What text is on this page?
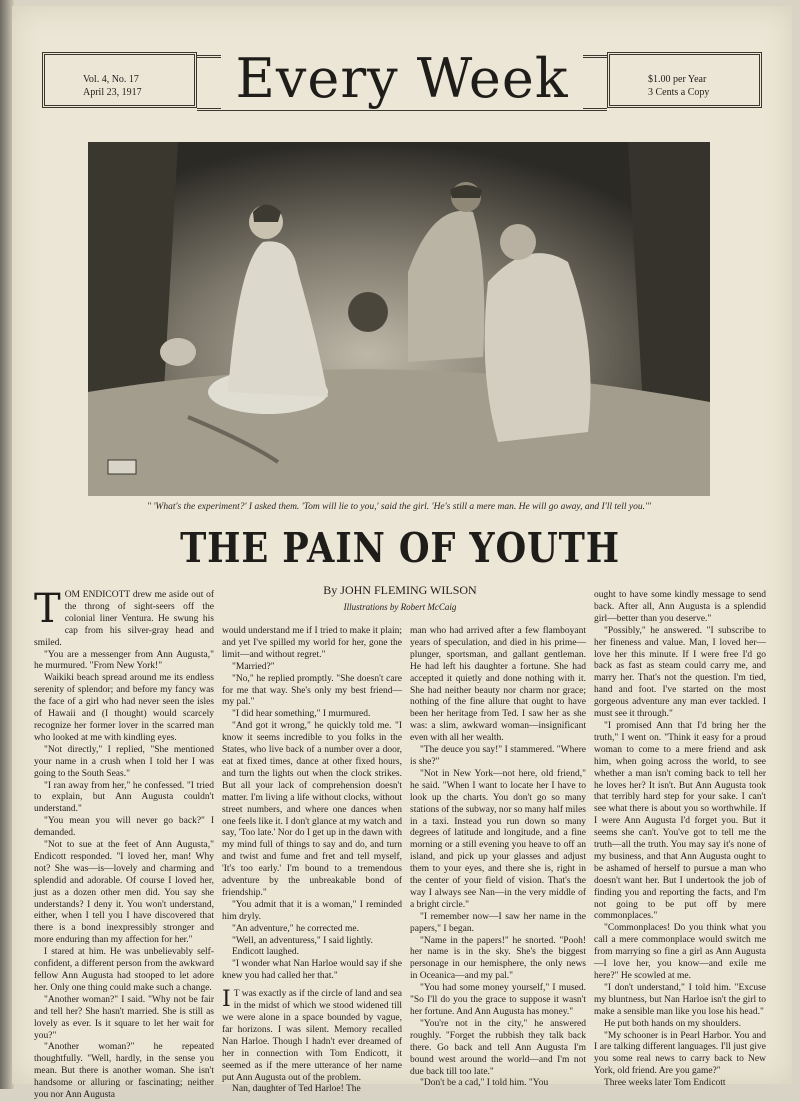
Vol. 4, No. 17
April 23, 1917	Every Week	$1.00 per Year
3 Cents a Copy
" 'What's the experiment?' I asked them. 'Tom will lie to you,' said the girl. 'He's still a mere man. He will go away, and I'll tell you.'"
THE PAIN OF YOUTH
By JOHN FLEMING WILSON
Illustrations by Robert McCaig

TOM ENDICOTT drew me aside out of the throng of sight-seers off the colonial liner Ventura. He swung his cap from his silver-gray head and smiled.

"You are a messenger from Ann Augusta," he murmured. "From New York!"

Waikiki beach spread around me its endless serenity of splendor; and before my fancy was the face of a girl who had never seen the isles of Hawaii and (I thought) would scarcely recognize her former lover in the scarred man who looked at me with kindling eyes.

"Not directly," I replied, "She mentioned your name in a crush when I told her I was going to the South Seas."

"I ran away from her," he confessed. "I tried to explain, but Ann Augusta couldn't understand."

"You mean you will never go back?" I demanded.

"Not to sue at the feet of Ann Augusta," Endicott responded. "I loved her, man! Why not? She was—is—lovely and charming and splendid and adorable. Of course I loved her, just as a dozen other men did. You say she understands? I deny it. You won't understand, either, when I tell you I have discovered that there is a bond inexpressibly stronger and more enduring than my affection for her."

I stared at him. He was unbelievably self-confident, a different person from the awkward fellow Ann Augusta had stooped to let adore her. Only one thing could make such a change.

"Another woman?" I said. "Why not be fair and tell her? She hasn't married. She is still as lovely as ever. Is it square to let her wait for you?"

"Another woman?" he repeated thoughtfully. "Well, hardly, in the sense you mean. But there is another woman. She isn't handsome or alluring or fascinating; neither you nor Ann Augusta

would understand me if I tried to make it plain; and yet I've spilled my world for her, gone the limit—and without regret."

"Married?"

"No," he replied promptly. "She doesn't care for me that way. She's only my best friend—my pal."

"I did hear something," I murmured.

"And got it wrong," he quickly told me. "I know it seems incredible to you folks in the States, who live back of a number over a door, eat at fixed times, dance at other fixed hours, and turn the lights out when the clock strikes. But all your lack of comprehension doesn't matter. I'm living a life without clocks, without street numbers, and where one dances when one feels like it. I don't glance at my watch and say, 'Too late.' Nor do I get up in the dawn with my mind full of things to say and do, and turn and twist and fume and fret and tell myself, 'It's too early.' I'm bound to a tremendous adventure by the unbreakable bond of friendship."

"You admit that it is a woman," I reminded him dryly.

"An adventure," he corrected me.

"Well, an adventuress," I said lightly.

Endicott laughed.

"I wonder what Nan Harloe would say if she knew you had called her that."

I T was exactly as if the circle of land and sea in the midst of which we stood widened till we were alone in a space bounded by vague, far horizons. I was silent. Memory recalled Nan Harloe. Though I hadn't ever dreamed of her in connection with Tom Endicott, it seemed as if the mere utterance of her name put Ann Augusta out of the problem.

Nan, daughter of Ted Harloe! The

man who had arrived after a few flamboyant years of speculation, and died in his prime—plunger, sportsman, and gallant gentleman. He had left his daughter a fortune. She had accepted it quietly and done nothing with it. She had neither beauty nor charm nor grace; nothing of the fine allure that ought to have been her heritage from Ted. I saw her as she was: a slim, awkward woman—insignificant even with all her wealth.

"The deuce you say!" I stammered. "Where is she?"

"Not in New York—not here, old friend," he said. "When I want to locate her I have to look up the charts. You don't go so many stations of the subway, nor so many half miles in a taxi. Instead you run down so many degrees of latitude and longitude, and a fine morning or a still evening you heave to off an island, and pick up your glasses and adjust them to your eyes, and there she is, right in the center of your field of vision. That's the way I always see Nan—in the very middle of a bright circle."

"I remember now—I saw her name in the papers," I began.

"Name in the papers!" he snorted. "Pooh! her name is in the sky. She's the biggest personage in our hemisphere, the only news in Oceanica—and my pal."

"You had some money yourself," I mused. "So I'll do you the grace to suppose it wasn't her fortune. And Ann Augusta has money."

"You're not in the city," he answered roughly. "Forget the rubbish they talk back there. Go back and tell Ann Augusta I'm bound west around the world—and I'm not due back till too late."

"Don't be a cad," I told him. "You

ought to have some kindly message to send back. After all, Ann Augusta is a splendid girl—better than you deserve."

"Possibly," he answered. "I subscribe to her fineness and value. Man, I loved her—love her this minute. If I were free I'd go back as fast as steam could carry me, and marry her. That's not the question. I'm tied, hand and foot. I've started on the most gorgeous adventure any man ever tackled. I must see it through."

"I promised Ann that I'd bring her the truth," I went on. "Think it easy for a proud woman to come to a mere friend and ask him, when going across the world, to see whether a man isn't coming back to tell her he loves her? It isn't. But Ann Augusta took that terribly hard step for your sake. I can't see what there is about you so worthwhile. If I were Ann Augusta I'd forget you. But it seems she can't. You've got to tell me the truth—all the truth. You may say it's none of my business, and that Ann Augusta ought to be ashamed of herself to pursue a man who doesn't want her. But I undertook the job of finding you and reporting the facts, and I'm not going to be put off by mere commonplaces."

"Commonplaces! Do you think what you call a mere commonplace would switch me from marrying so fine a girl as Ann Augusta—I love her, you know—and exile me here?" He scowled at me.

"I don't understand," I told him. "Excuse my bluntness, but Nan Harloe isn't the girl to make a sensible man like you lose his head."

He put both hands on my shoulders.

"My schooner is in Pearl Harbor. You and I are talking different languages. I'll just give you some real news to carry back to New York, old friend. Are you game?"

Three weeks later Tom Endicott
